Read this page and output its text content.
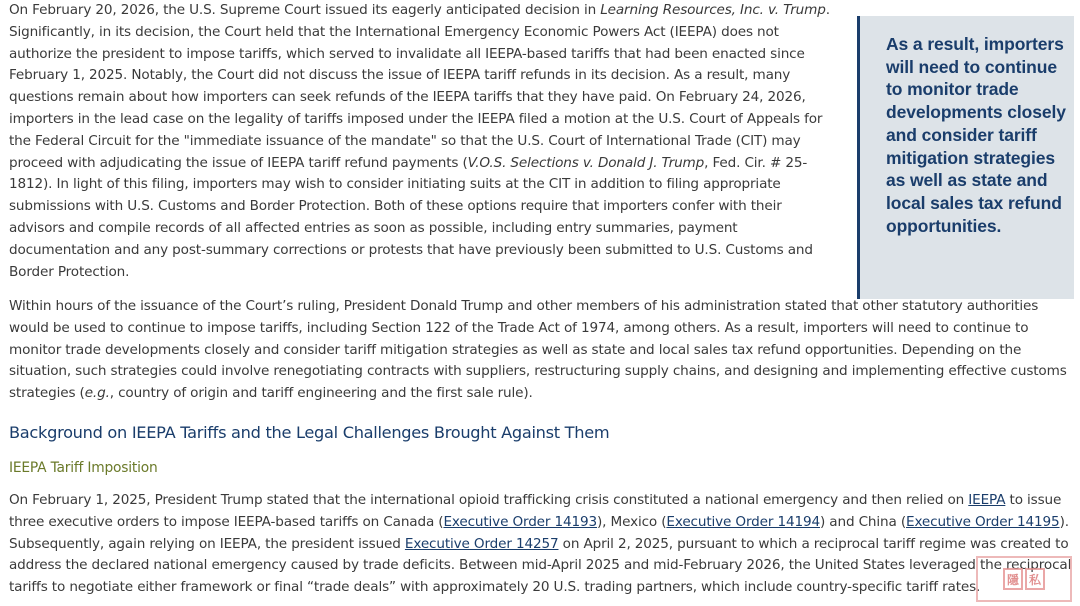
On February 20, 2026, the U.S. Supreme Court issued its eagerly anticipated decision in Learning Resources, Inc. v. Trump. Significantly, in its decision, the Court held that the International Emergency Economic Powers Act (IEEPA) does not authorize the president to impose tariffs, which served to invalidate all IEEPA-based tariffs that had been enacted since February 1, 2025. Notably, the Court did not discuss the issue of IEEPA tariff refunds in its decision. As a result, many questions remain about how importers can seek refunds of the IEEPA tariffs that they have paid. On February 24, 2026, importers in the lead case on the legality of tariffs imposed under the IEEPA filed a motion at the U.S. Court of Appeals for the Federal Circuit for the "immediate issuance of the mandate" so that the U.S. Court of International Trade (CIT) may proceed with adjudicating the issue of IEEPA tariff refund payments (V.O.S. Selections v. Donald J. Trump, Fed. Cir. # 25-1812). In light of this filing, importers may wish to consider initiating suits at the CIT in addition to filing appropriate submissions with U.S. Customs and Border Protection. Both of these options require that importers confer with their advisors and compile records of all affected entries as soon as possible, including entry summaries, payment documentation and any post-summary corrections or protests that have previously been submitted to U.S. Customs and Border Protection.

As a result, importers will need to continue to monitor trade developments closely and consider tariff mitigation strategies as well as state and local sales tax refund opportunities.

Within hours of the issuance of the Court’s ruling, President Donald Trump and other members of his administration stated that other statutory authorities would be used to continue to impose tariffs, including Section 122 of the Trade Act of 1974, among others. As a result, importers will need to continue to monitor trade developments closely and consider tariff mitigation strategies as well as state and local sales tax refund opportunities. Depending on the situation, such strategies could involve renegotiating contracts with suppliers, restructuring supply chains, and designing and implementing effective customs strategies (e.g., country of origin and tariff engineering and the first sale rule).

Background on IEEPA Tariffs and the Legal Challenges Brought Against Them
IEEPA Tariff Imposition

On February 1, 2025, President Trump stated that the international opioid trafficking crisis constituted a national emergency and then relied on IEEPA to issue three executive orders to impose IEEPA-based tariffs on Canada (Executive Order 14193), Mexico (Executive Order 14194) and China (Executive Order 14195). Subsequently, again relying on IEEPA, the president issued Executive Order 14257 on April 2, 2025, pursuant to which a reciprocal tariff regime was created to address the declared national emergency caused by trade deficits. Between mid-April 2025 and mid-February 2026, the United States leveraged the reciprocal tariffs to negotiate either framework or final “trade deals” with approximately 20 U.S. trading partners, which include country-specific tariff rates.	隱 私
